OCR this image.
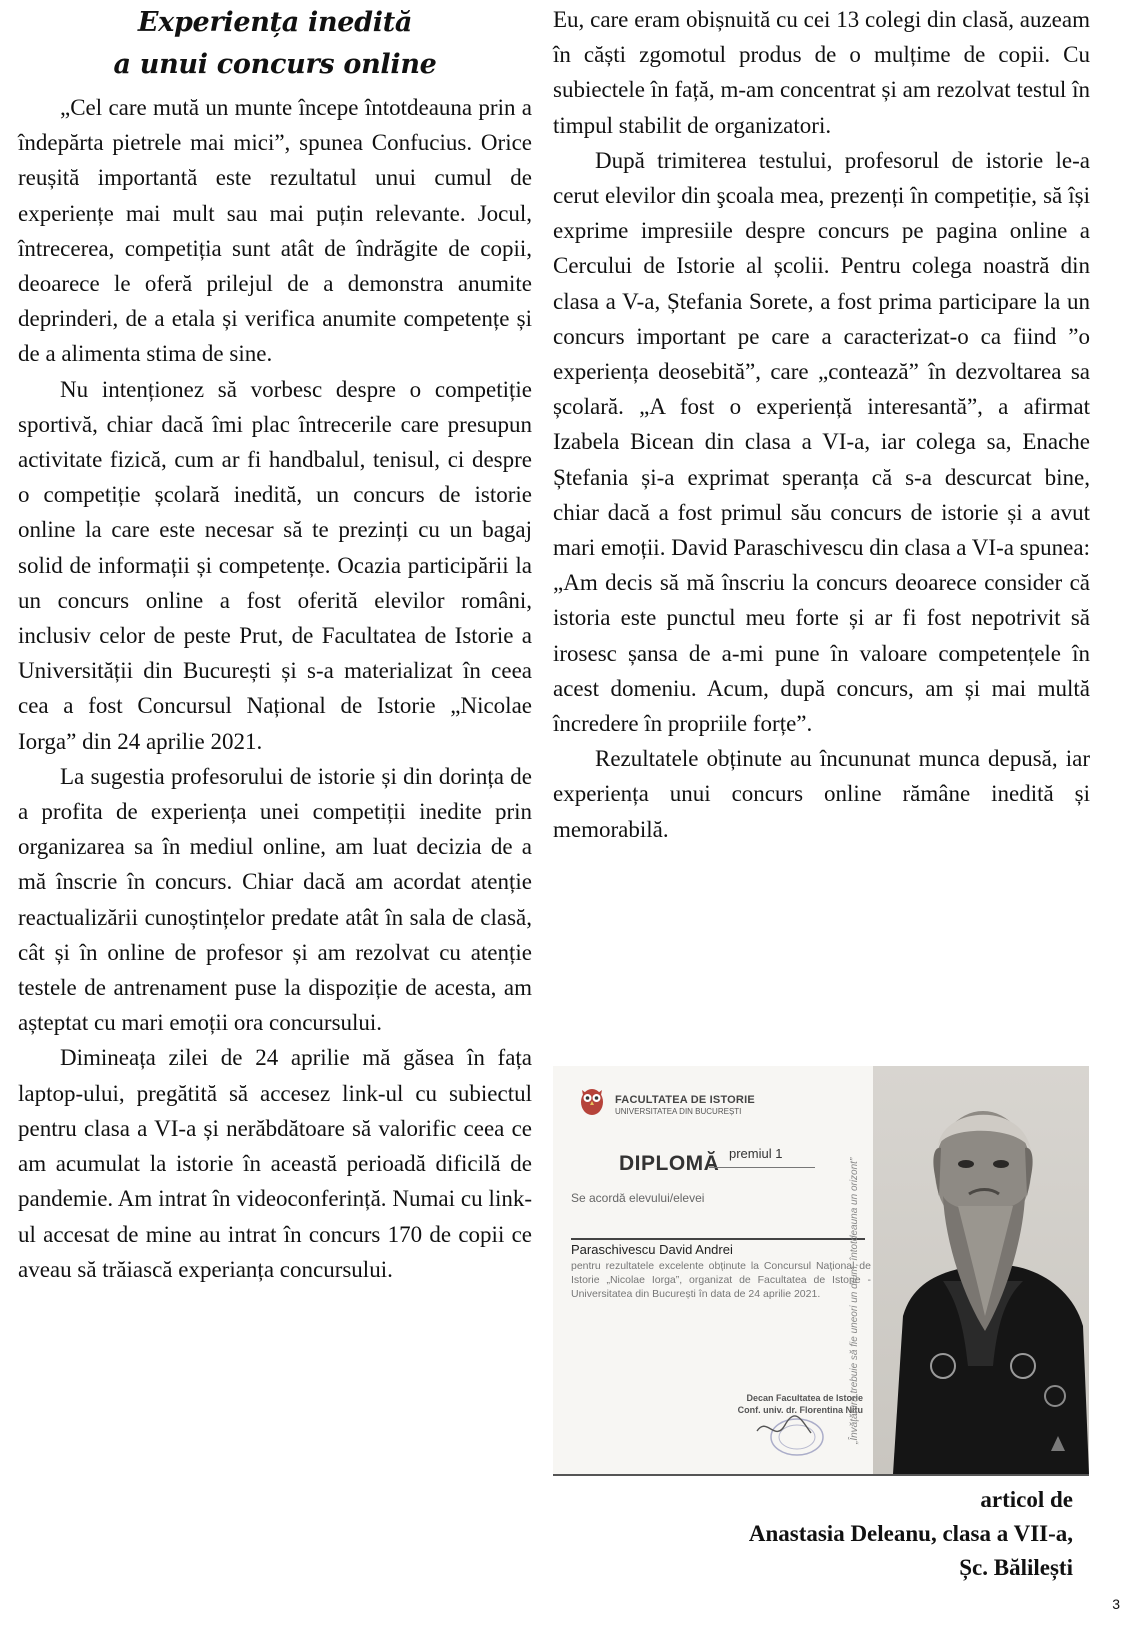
Experiența inedită
a unui concurs online

„Cel care mută un munte începe întotdeauna prin a îndepărta pietrele mai mici”, spunea Confucius. Orice reușită importantă este rezultatul unui cumul de experiențe mai mult sau mai puțin relevante. Jocul, întrecerea, competiția sunt atât de îndrăgite de copii, deoarece le oferă prilejul de a demonstra anumite deprinderi, de a etala și verifica anumite competențe și de a alimenta stima de sine.

Nu intenționez să vorbesc despre o competiție sportivă, chiar dacă îmi plac întrecerile care presupun activitate fizică, cum ar fi handbalul, tenisul, ci despre o competiție școlară inedită, un concurs de istorie online la care este necesar să te prezinți cu un bagaj solid de informații și competențe. Ocazia participării la un concurs online a fost oferită elevilor români, inclusiv celor de peste Prut, de Facultatea de Istorie a Universității din București și s-a materializat în ceea cea a fost Concursul Național de Istorie „Nicolae Iorga” din 24 aprilie 2021.

La sugestia profesorului de istorie și din dorința de a profita de experiența unei competiții inedite prin organizarea sa în mediul online, am luat decizia de a mă înscrie în concurs. Chiar dacă am acordat atenție reactualizării cunoștințelor predate atât în sala de clasă, cât și în online de profesor și am rezolvat cu atenție testele de antrenament puse la dispoziție de acesta, am așteptat cu mari emoții ora concursului.

Dimineața zilei de 24 aprilie mă găsea în fața laptop-ului, pregătită să accesez link-ul cu subiectul pentru clasa a VI-a și nerăbdătoare să valorific ceea ce am acumulat la istorie în această perioadă dificilă de pandemie. Am intrat în videoconferință. Numai cu link-ul accesat de mine au intrat în concurs 170 de copii ce aveau să trăiască experianța concursului.

Eu, care eram obișnuită cu cei 13 colegi din clasă, auzeam în căști zgomotul produs de o mulțime de copii. Cu subiectele în față, m-am concentrat și am rezolvat testul în timpul stabilit de organizatori.

După trimiterea testului, profesorul de istorie le-a cerut elevilor din şcoala mea, prezenți în competiție, să își exprime impresiile despre concurs pe pagina online a Cercului de Istorie al școlii. Pentru colega noastră din clasa a V-a, Ștefania Sorete, a fost prima participare la un concurs important pe care a caracterizat-o ca fiind ”o experiența deosebită”, care „contează” în dezvoltarea sa școlară. „A fost o experiență interesantă”, a afirmat Izabela Bicean din clasa a VI-a, iar colega sa, Enache Ștefania și-a exprimat speranța că s-a descurcat bine, chiar dacă a fost primul său concurs de istorie și a avut mari emoții. David Paraschivescu din clasa a VI-a spunea: „Am decis să mă înscriu la concurs deoarece consider că istoria este punctul meu forte și ar fi fost nepotrivit să irosesc șansa de a-mi pune în valoare competențele în acest domeniu. Acum, după concurs, am și mai multă încredere în propriile forțe”.

Rezultatele obținute au încununat munca depusă, iar experiența unui concurs online rămâne inedită și memorabilă.

FACULTATEA DE ISTORIE
UNIVERSITATEA DIN BUCUREȘTI
DIPLOMĂ premiul 1
Se acordă elevului/elevei
Paraschivescu David Andrei
pentru rezultatele excelente obținute la Concursul Național de Istorie „Nicolae Iorga”, organizat de Facultatea de Istorie - Universitatea din București în data de 24 aprilie 2021.
Decan Facultatea de Istorie
Conf. univ. dr. Florentina Nițu
„Învățătura trebuie să fie uneori un drum, întotdeauna un orizont”
articol de
Anastasia Deleanu, clasa a VII-a,
Șc. Bălilești
3
